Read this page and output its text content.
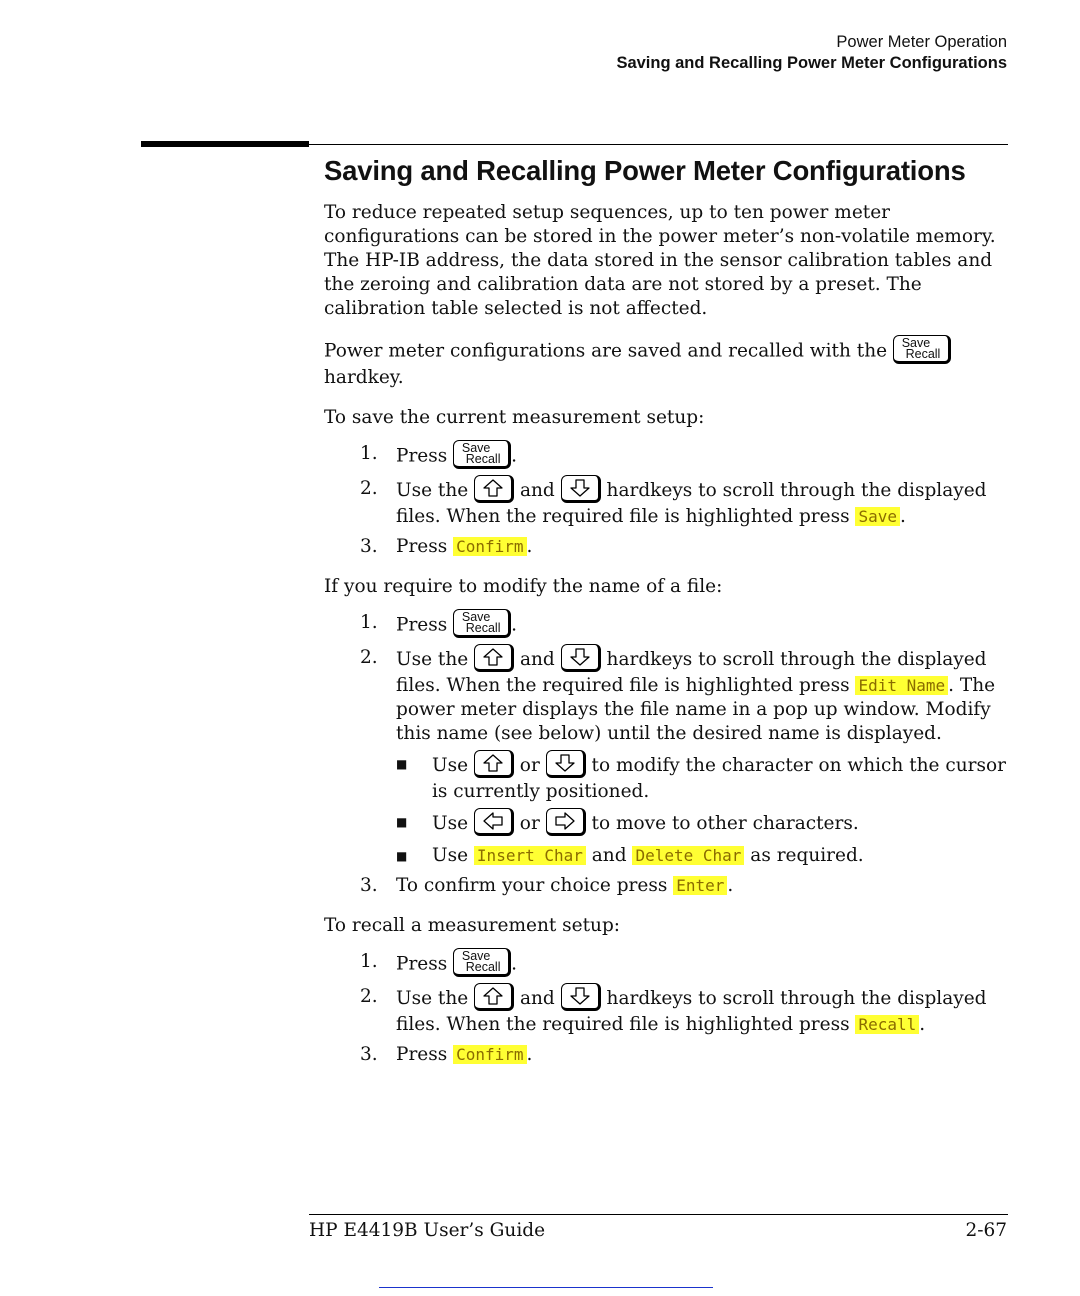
Power Meter Operation
Saving and Recalling Power Meter Configurations
Saving and Recalling Power Meter Configurations

To reduce repeated setup sequences, up to ten power meter configurations can be stored in the power meter’s non-volatile memory. The HP-IB address, the data stored in the sensor calibration tables and the zeroing and calibration data are not stored by a preset. The calibration table selected is not affected.

Power meter configurations are saved and recalled with the Save
Recall

hardkey.

To save the current measurement setup:

1. Press Save
Recall .
2. Use the
and
hardkeys to scroll through the displayed files. When the required file is highlighted press Save .
3. Press Confirm .

If you require to modify the name of a file:

1. Press Save
Recall .
2. Use the
and
hardkeys to scroll through the displayed files. When the required file is highlighted press Edit Name . The power meter displays the file name in a pop up window. Modify this name (see below) until the desired name is displayed.
■ Use
or
to modify the character on which the cursor is currently positioned.
■ Use
or
to move to other characters.
■ Use Insert Char and Delete Char as required.
3. To confirm your choice press Enter .

To recall a measurement setup:

1. Press Save
Recall .
2. Use the
and
hardkeys to scroll through the displayed files. When the required file is highlighted press Recall .
3. Press Confirm .
HP E4419B User’s Guide	2-67
